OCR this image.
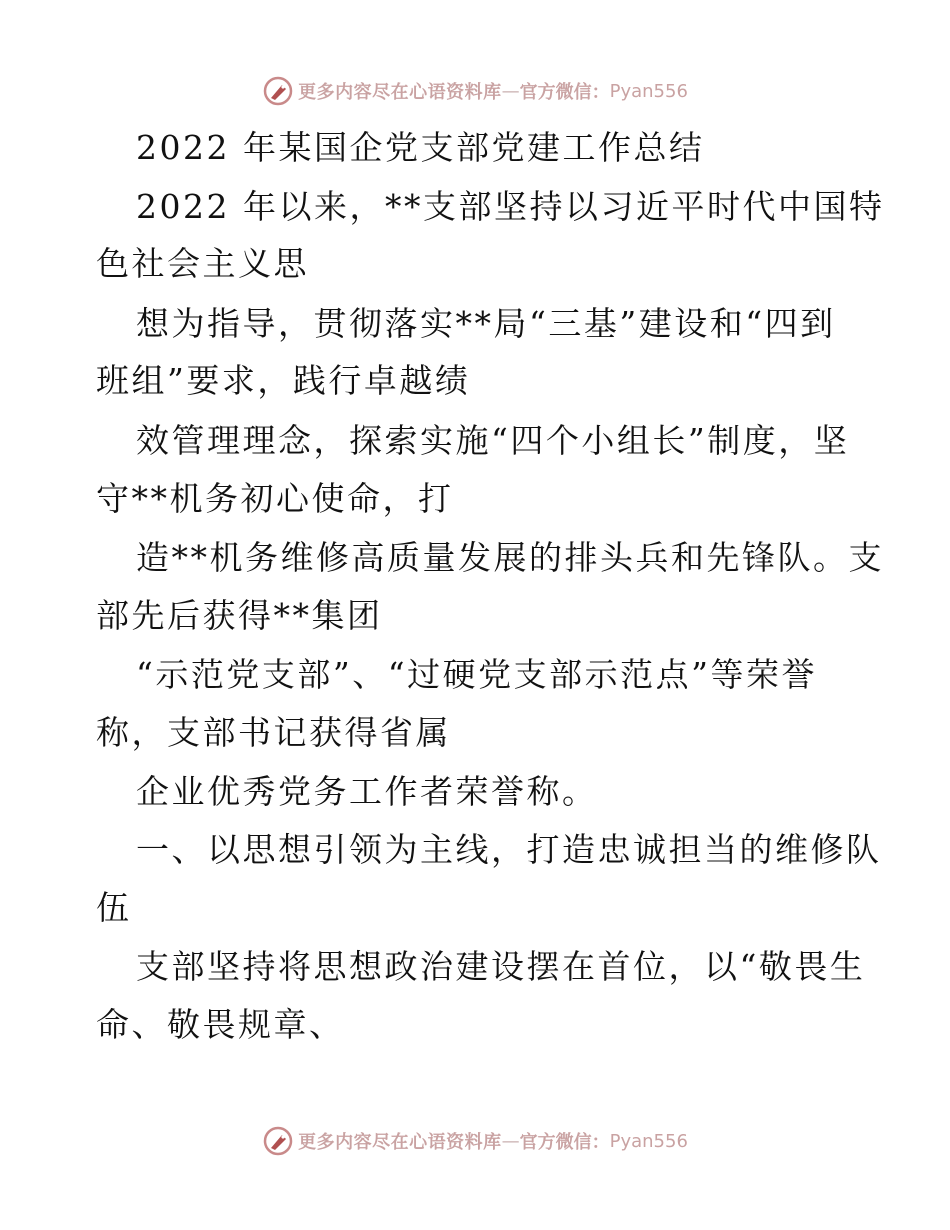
更多内容尽在心语资料库 — 官方微信： Pyan556
2022 年某国企党支部党建工作总结
2022 年以来，**支部坚持以习近平时代中国特
色社会主义思
想为指导，贯彻落实**局“三基”建设和“四到
班组”要求，践行卓越绩
效管理理念，探索实施“四个小组长”制度，坚
守**机务初心使命，打
造**机务维修高质量发展的排头兵和先锋队。支
部先后获得**集团
“示范党支部”、“过硬党支部示范点”等荣誉
称，支部书记获得省属
企业优秀党务工作者荣誉称。
一、以思想引领为主线，打造忠诚担当的维修队
伍
支部坚持将思想政治建设摆在首位，以“敬畏生
命、敬畏规章、
更多内容尽在心语资料库 — 官方微信： Pyan556
